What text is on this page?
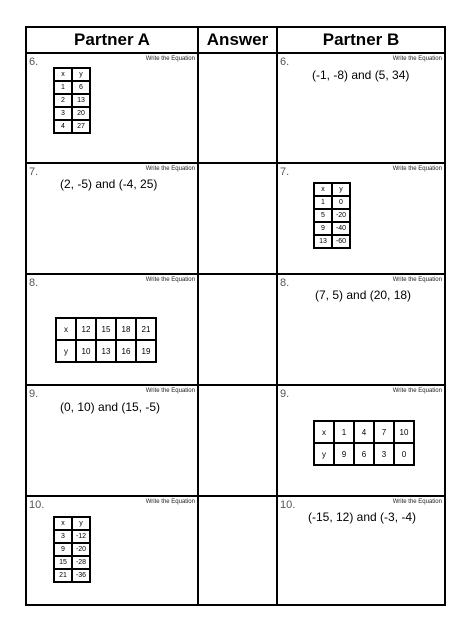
Partner A	Answer	Partner B
6.	Write the Equation
x	y
1	6
2	13
3	20
4	27
6.	Write the Equation
(-1, -8) and (5, 34)
7.	Write the Equation
(2, -5) and (-4, 25)
7.	Write the Equation
x	y
1	0
5	-20
9	-40
13	-60
8.	Write the Equation
x	12	15	18	21
y	10	13	16	19
8.	Write the Equation
(7, 5) and (20, 18)
9.	Write the Equation
(0, 10) and (15, -5)
9.	Write the Equation
x	1	4	7	10
y	9	6	3	0
10.	Write the Equation
x	y
3	-12
9	-20
15	-28
21	-36
10.	Write the Equation
(-15, 12) and (-3, -4)
